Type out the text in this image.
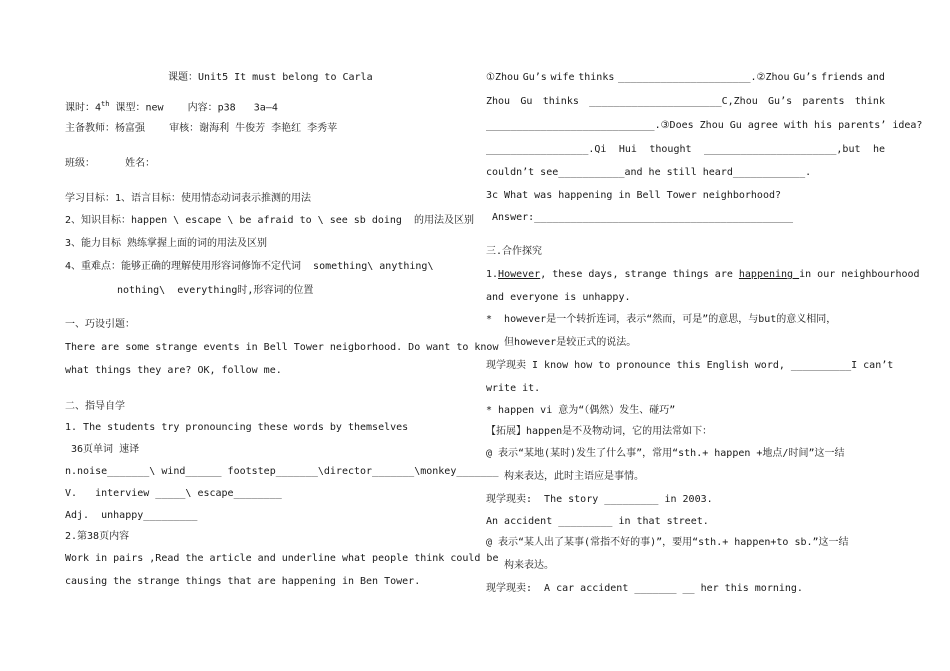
课题：Unit5 It must belong to Carla
课时：4th 课型：new    内容：p38   3a—4
主备教师：杨富强    审核：谢海利 牛俊芳 李艳红 李秀苹
班级：     姓名：
学习目标：1、语言目标：使用情态动词表示推测的用法
2、知识目标：happen \ escape \ be afraid to \ see sb doing  的用法及区别
3、能力目标 熟练掌握上面的词的用法及区别
4、重难点：能够正确的理解使用形容词修饰不定代词  something\ anything\
nothing\  everything时,形容词的位置
一、巧设引题：
There are some strange events in Bell Tower neigborhood. Do want to know
what things they are? OK, follow me.
二、指导自学
1. The students try pronouncing these words by themselves
36页单词 速译
n.noise_______\ wind______ footstep_______\director_______\monkey_______
V.   interview _____\ escape________
Adj.  unhappy_________
2.第38页内容
Work in pairs ,Read the article and underline what people think could be
causing the strange things that are happening in Ben Tower.
①Zhou Gu’s wife thinks ______________________.②Zhou Gu’s friends and
Zhou Gu thinks ______________________C,Zhou Gu’s parents think
____________________________.③Does Zhou Gu agree with his parents’ idea?
_________________.Qi Hui thought ______________________,but he
couldn’t see___________and he still heard____________.
3c What was happening in Bell Tower neighborhood?
Answer:___________________________________________
三.合作探究
1.However, these days, strange things are happening in our neighbourhood
and everyone is unhappy.
*  however是一个转折连词，表示“然而，可是”的意思，与but的意义相同，
但however是较正式的说法。
现学现卖 I know how to pronounce this English word, __________I can’t
write it.
* happen vi 意为“（偶然）发生、碰巧”
【拓展】happen是不及物动词，它的用法常如下：
@ 表示“某地(某时)发生了什么事”，常用“sth.+ happen +地点/时间”这一结
构来表达，此时主语应是事情。
现学现卖:  The story _________ in 2003.
An accident _________ in that street.
@ 表示“某人出了某事(常指不好的事)”，要用“sth.+ happen+to sb.”这一结
构来表达。
现学现卖:  A car accident _______ __ her this morning.
